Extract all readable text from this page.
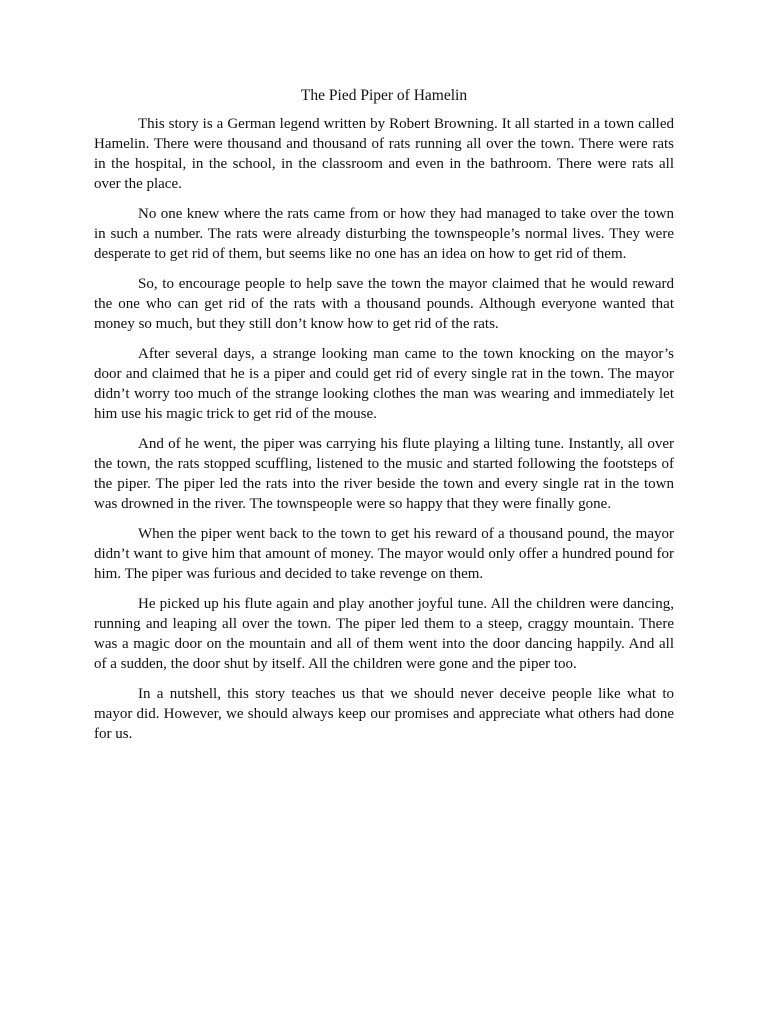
The Pied Piper of Hamelin

This story is a German legend written by Robert Browning. It all started in a town called Hamelin. There were thousand and thousand of rats running all over the town. There were rats in the hospital, in the school, in the classroom and even in the bathroom. There were rats all over the place.

No one knew where the rats came from or how they had managed to take over the town in such a number. The rats were already disturbing the townspeople’s normal lives. They were desperate to get rid of them, but seems like no one has an idea on how to get rid of them.

So, to encourage people to help save the town the mayor claimed that he would reward the one who can get rid of the rats with a thousand pounds. Although everyone wanted that money so much, but they still don’t know how to get rid of the rats.

After several days, a strange looking man came to the town knocking on the mayor’s door and claimed that he is a piper and could get rid of every single rat in the town. The mayor didn’t worry too much of the strange looking clothes the man was wearing and immediately let him use his magic trick to get rid of the mouse.

And of he went, the piper was carrying his flute playing a lilting tune. Instantly, all over the town, the rats stopped scuffling, listened to the music and started following the footsteps of the piper. The piper led the rats into the river beside the town and every single rat in the town was drowned in the river. The townspeople were so happy that they were finally gone.

When the piper went back to the town to get his reward of a thousand pound, the mayor didn’t want to give him that amount of money. The mayor would only offer a hundred pound for him. The piper was furious and decided to take revenge on them.

He picked up his flute again and play another joyful tune. All the children were dancing, running and leaping all over the town. The piper led them to a steep, craggy mountain. There was a magic door on the mountain and all of them went into the door dancing happily. And all of a sudden, the door shut by itself. All the children were gone and the piper too.

In a nutshell, this story teaches us that we should never deceive people like what to mayor did. However, we should always keep our promises and appreciate what others had done for us.
